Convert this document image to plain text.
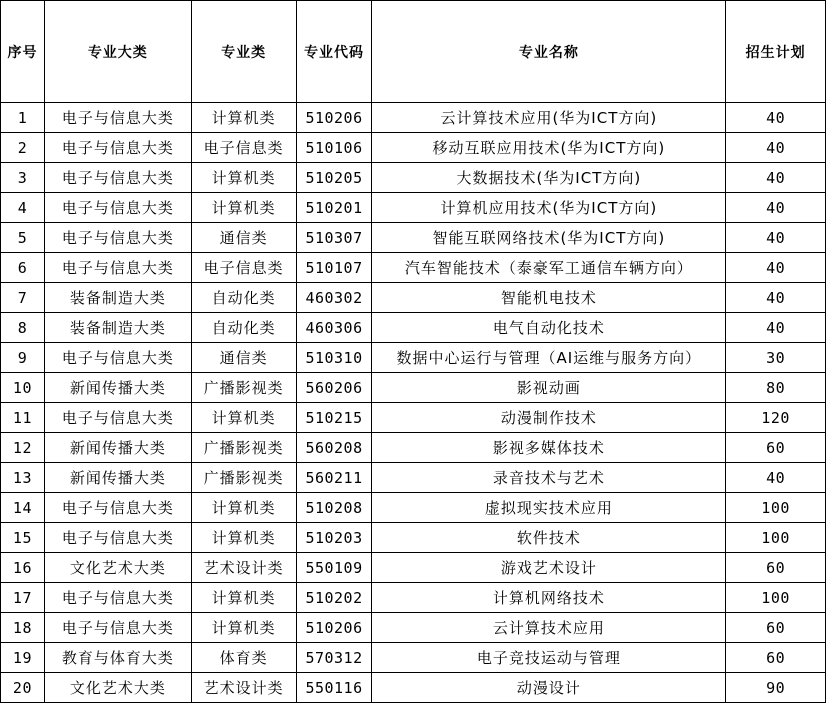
序号	专业大类	专业类	专业代码	专业名称	招生计划
1	电子与信息大类	计算机类	510206	云计算技术应用(华为ICT方向)	40
2	电子与信息大类	电子信息类	510106	移动互联应用技术(华为ICT方向)	40
3	电子与信息大类	计算机类	510205	大数据技术(华为ICT方向)	40
4	电子与信息大类	计算机类	510201	计算机应用技术(华为ICT方向)	40
5	电子与信息大类	通信类	510307	智能互联网络技术(华为ICT方向)	40
6	电子与信息大类	电子信息类	510107	汽车智能技术（泰豪军工通信车辆方向）	40
7	装备制造大类	自动化类	460302	智能机电技术	40
8	装备制造大类	自动化类	460306	电气自动化技术	40
9	电子与信息大类	通信类	510310	数据中心运行与管理（AI运维与服务方向）	30
10	新闻传播大类	广播影视类	560206	影视动画	80
11	电子与信息大类	计算机类	510215	动漫制作技术	120
12	新闻传播大类	广播影视类	560208	影视多媒体技术	60
13	新闻传播大类	广播影视类	560211	录音技术与艺术	40
14	电子与信息大类	计算机类	510208	虚拟现实技术应用	100
15	电子与信息大类	计算机类	510203	软件技术	100
16	文化艺术大类	艺术设计类	550109	游戏艺术设计	60
17	电子与信息大类	计算机类	510202	计算机网络技术	100
18	电子与信息大类	计算机类	510206	云计算技术应用	60
19	教育与体育大类	体育类	570312	电子竞技运动与管理	60
20	文化艺术大类	艺术设计类	550116	动漫设计	90
